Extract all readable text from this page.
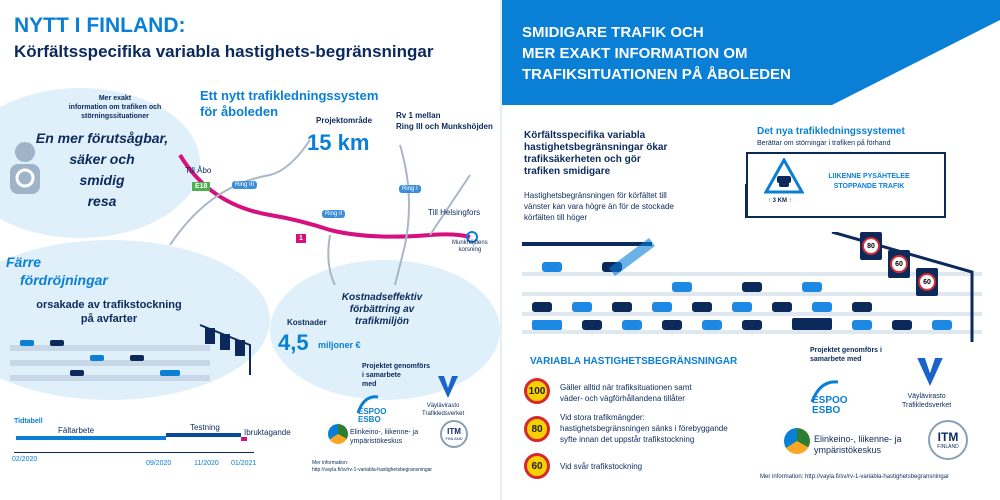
NYTT I FINLAND:
Körfältsspecifika variabla hastighets-begränsningar
Till Åbo
E18	Ring III
Ring II
Ring I
1
Till Helsingfors
Munkhöjdens
korsning
Ett nytt trafikledningssystem
för åboleden
Projektområde
15 km
Rv 1 mellan
Ring III och Munkshöjden
Mer exakt
information om trafiken och
störningssituationer
En mer förutsågbar,
säker och
smidig
resa
Färre
fördröjningar
orsakade av trafikstockning
på avfarter
Kostnadseffektiv
förbättring av
trafikmiljön
Kostnader
4,5 miljoner €
Tidtabell
Fältarbete	Testning
Ibruktagande
02/2020
09/2020	11/2020 01/2021
Projektet genomförs
i samarbete
med
ESPOO
ESBO
Väylävirasto
Trafikledsverket
Elinkeino-, liikenne- ja
ympäristökeskus
ITM
FINLAND
Mer information:
http://vayla.fi/sv/rv-1-variabla-hastighetsbegransningar
SMIDIGARE TRAFIK OCH
MER EXAKT INFORMATION OM
TRAFIKSITUATIONEN PÅ ÅBOLEDEN
Körfältsspecifika variabla
hastighetsbegränsningar ökar
trafiksäkerheten och gör
trafiken smidigare
Hastighetsbegränsningen för körfältet till
vänster kan vara högre än för de stockade
körfälten till höger
Det nya trafikledningssystemet
Berättar om störningar i trafiken på förhand
LIIKENNE PYSÄHTELEE
STOPPANDE TRAFIK
↑ 3 KM ↑
80
60
60
VARIABLA HASTIGHETSBEGRÄNSNINGAR
100 Gäller alltid när trafiksituationen samt
väder- och vägförhållandena tillåter
80
Vid stora trafikmängder:
hastighetsbegränsningen sänks i förebyggande
syfte innan det uppstår trafikstockning
60 Vid svår trafikstockning
Projektet genomförs i
samarbete med
ESPOO
ESBO
Väylävirasto
Trafikledsverket
Elinkeino-, liikenne- ja
ympäristökeskus
ITM
FINLAND
Mer information: http://vayla.fi/sv/rv-1-variabla-hastighetsbegransningar
